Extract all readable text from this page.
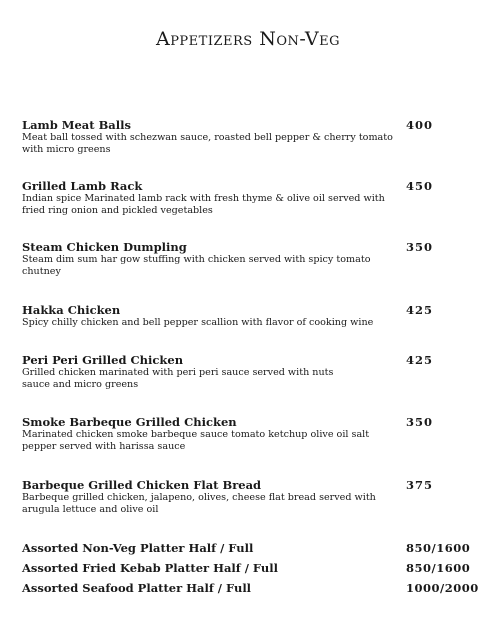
Appetizers Non-Veg
Lamb Meat Balls	400
Meat ball tossed with schezwan sauce, roasted bell pepper & cherry tomato with micro greens
Grilled Lamb Rack	450
Indian spice Marinated lamb rack with fresh thyme & olive oil served with fried ring onion and pickled vegetables
Steam Chicken Dumpling	350
Steam dim sum har gow stuffing with chicken served with spicy tomato chutney
Hakka Chicken	425
Spicy chilly chicken and bell pepper scallion with flavor of cooking wine
Peri Peri Grilled Chicken	425
Grilled chicken marinated with peri peri sauce served with nuts sauce and micro greens
Smoke Barbeque Grilled Chicken	350
Marinated chicken smoke barbeque sauce tomato ketchup olive oil salt pepper served with harissa sauce
Barbeque Grilled Chicken Flat Bread	375
Barbeque grilled chicken, jalapeno, olives, cheese flat bread served with arugula lettuce and olive oil
Assorted Non-Veg Platter Half / Full	850/1600
Assorted Fried Kebab Platter Half / Full	850/1600
Assorted Seafood Platter Half / Full	1000/2000
